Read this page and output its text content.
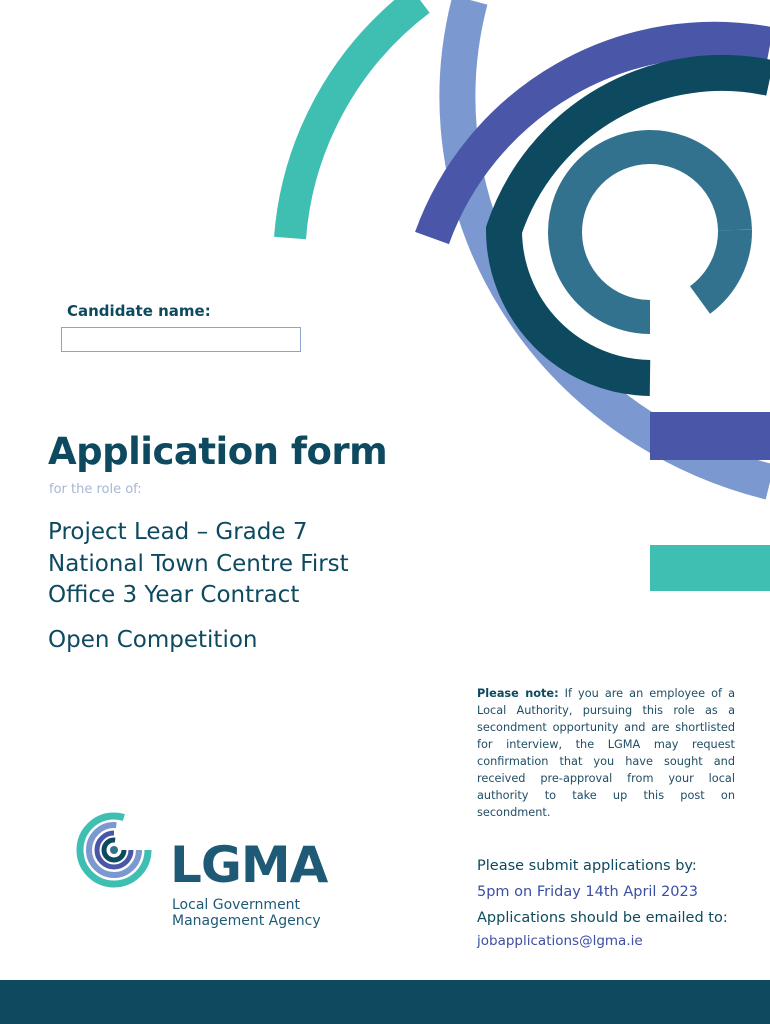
Candidate name:
Application form
for the role of:
Project Lead – Grade 7
National Town Centre First
Office 3 Year Contract
Open Competition
Please note: If you are an employee of a Local Authority, pursuing this role as a secondment opportunity and are shortlisted for interview, the LGMA may request confirmation that you have sought and received pre-approval from your local authority to take up this post on secondment.
Please submit applications by:
5pm on Friday 14th April 2023
Applications should be emailed to:
jobapplications@lgma.ie
LGMA
Local Government
Management Agency
